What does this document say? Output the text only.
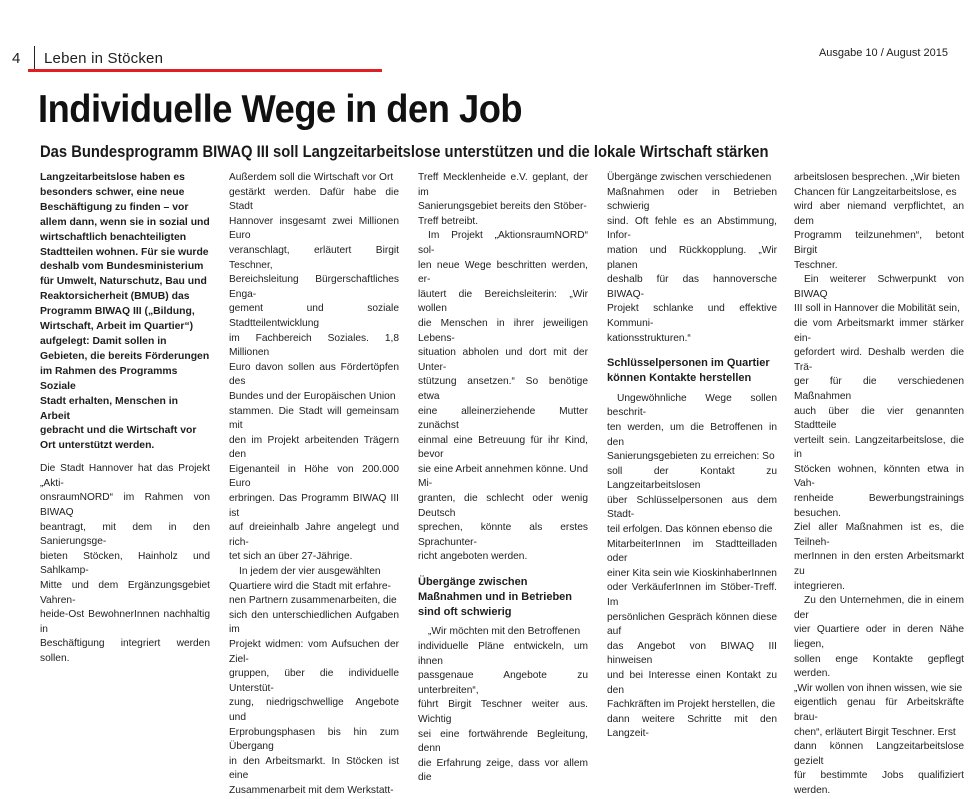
4 Leben in Stöcken	Ausgabe 10 / August 2015
Individuelle Wege in den Job
Das Bundesprogramm BIWAQ III soll Langzeitarbeitslose unterstützen und die lokale Wirtschaft stärken

Langzeitarbeitslose haben es
besonders schwer, eine neue
Beschäftigung zu finden – vor
allem dann, wenn sie in sozial und
wirtschaftlich benachteiligten
Stadtteilen wohnen. Für sie wurde
deshalb vom Bundesministerium
für Umwelt, Naturschutz, Bau und
Reaktorsicherheit (BMUB) das
Programm BIWAQ III („Bildung,
Wirtschaft, Arbeit im Quartier“)
aufgelegt: Damit sollen in
Gebieten, die bereits Förderungen
im Rahmen des Programms Soziale
Stadt erhalten, Menschen in Arbeit
gebracht und die Wirtschaft vor
Ort unterstützt werden.

Die Stadt Hannover hat das Projekt „Akti-
onsraumNORD“ im Rahmen von BIWAQ
beantragt, mit dem in den Sanierungsge-
bieten Stöcken, Hainholz und Sahlkamp-
Mitte und dem Ergänzungsgebiet Vahren-
heide-Ost BewohnerInnen nachhaltig in
Beschäftigung integriert werden sollen.

Außerdem soll die Wirtschaft vor Ort
gestärkt werden. Dafür habe die Stadt
Hannover insgesamt zwei Millionen Euro
veranschlagt, erläutert Birgit Teschner,
Bereichsleitung Bürgerschaftliches Enga-
gement und soziale Stadtteilentwicklung
im Fachbereich Soziales. 1,8 Millionen
Euro davon sollen aus Fördertöpfen des
Bundes und der Europäischen Union
stammen. Die Stadt will gemeinsam mit
den im Projekt arbeitenden Trägern den
Eigenanteil in Höhe von 200.000 Euro
erbringen. Das Programm BIWAQ III ist
auf dreieinhalb Jahre angelegt und rich-
tet sich an über 27-Jährige.

In jedem der vier ausgewählten
Quartiere wird die Stadt mit erfahre-
nen Partnern zusammenarbeiten, die
sich den unterschiedlichen Aufgaben im
Projekt widmen: vom Aufsuchen der Ziel-
gruppen, über die individuelle Unterstüt-
zung, niedrigschwellige Angebote und
Erprobungsphasen bis hin zum Übergang
in den Arbeitsmarkt. In Stöcken ist eine
Zusammenarbeit mit dem Werkstatt-

Treff Mecklenheide e.V. geplant, der im
Sanierungsgebiet bereits den Stöber-
Treff betreibt.

Im Projekt „AktionsraumNORD“ sol-
len neue Wege beschritten werden, er-
läutert die Bereichsleiterin: „Wir wollen
die Menschen in ihrer jeweiligen Lebens-
situation abholen und dort mit der Unter-
stützung ansetzen.“ So benötige etwa
eine alleinerziehende Mutter zunächst
einmal eine Betreuung für ihr Kind, bevor
sie eine Arbeit annehmen könne. Und Mi-
granten, die schlecht oder wenig Deutsch
sprechen, könnte als erstes Sprachunter-
richt angeboten werden.

Übergänge zwischen Maßnahmen und in Betrieben sind oft schwierig

„Wir möchten mit den Betroffenen
individuelle Pläne entwickeln, um ihnen
passgenaue Angebote zu unterbreiten“,
führt Birgit Teschner weiter aus. Wichtig
sei eine fortwährende Begleitung, denn
die Erfahrung zeige, dass vor allem die

Übergänge zwischen verschiedenen
Maßnahmen oder in Betrieben schwierig
sind. Oft fehle es an Abstimmung, Infor-
mation und Rückkopplung. „Wir planen
deshalb für das hannoversche BIWAQ-
Projekt schlanke und effektive Kommuni-
kationsstrukturen.“

Schlüsselpersonen im Quartier können Kontakte herstellen

Ungewöhnliche Wege sollen beschrit-
ten werden, um die Betroffenen in den
Sanierungsgebieten zu erreichen: So
soll der Kontakt zu Langzeitarbeitslosen
über Schlüsselpersonen aus dem Stadt-
teil erfolgen. Das können ebenso die
MitarbeiterInnen im Stadtteilladen oder
einer Kita sein wie KioskinhaberInnen
oder VerkäuferInnen im Stöber-Treff. Im
persönlichen Gespräch können diese auf
das Angebot von BIWAQ III hinweisen
und bei Interesse einen Kontakt zu den
Fachkräften im Projekt herstellen, die
dann weitere Schritte mit den Langzeit-

arbeitslosen besprechen. „Wir bieten
Chancen für Langzeitarbeitslose, es
wird aber niemand verpflichtet, an dem
Programm teilzunehmen“, betont Birgit
Teschner.

Ein weiterer Schwerpunkt von BIWAQ
III soll in Hannover die Mobilität sein,
die vom Arbeitsmarkt immer stärker ein-
gefordert wird. Deshalb werden die Trä-
ger für die verschiedenen Maßnahmen
auch über die vier genannten Stadtteile
verteilt sein. Langzeitarbeitslose, die in
Stöcken wohnen, könnten etwa in Vah-
renheide Bewerbungstrainings besuchen.
Ziel aller Maßnahmen ist es, die Teilneh-
merInnen in den ersten Arbeitsmarkt zu
integrieren.

Zu den Unternehmen, die in einem der
vier Quartiere oder in deren Nähe liegen,
sollen enge Kontakte gepflegt werden.
„Wir wollen von ihnen wissen, wie sie
eigentlich genau für Arbeitskräfte brau-
chen“, erläutert Birgit Teschner. Erst
dann können Langzeitarbeitslose gezielt
für bestimmte Jobs qualifiziert werden.
